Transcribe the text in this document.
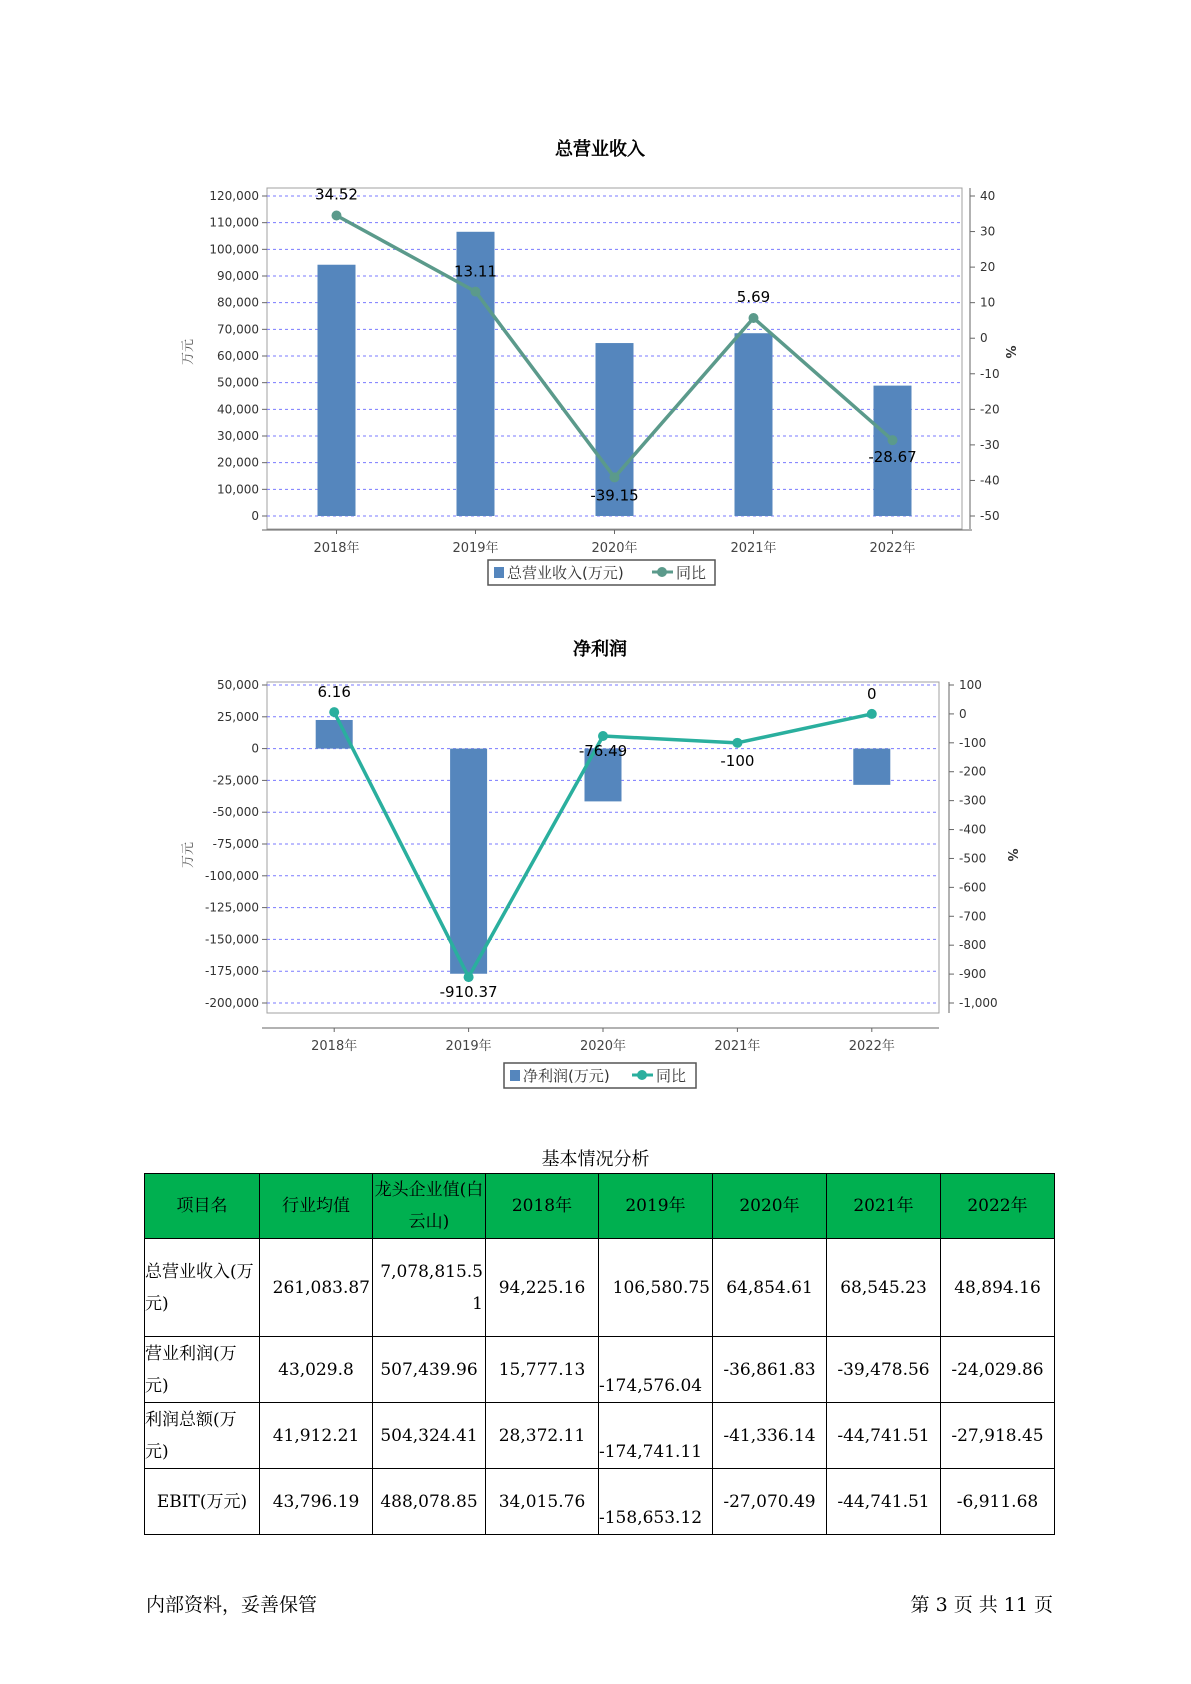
总营业收入
万元	%
0
10,000
20,000
30,000
40,000
50,000
60,000
70,000
80,000
90,000
100,000
110,000
120,000
-50
-40
-30
-20
-10
0
10
20
30
40
2018年	2019年	2020年	2021年	2022年
34.52
13.11
-39.15
5.69
-28.67
总营业收入(万元)	同比
净利润
万元	%
-200,000
-175,000
-150,000
-125,000
-100,000
-75,000
-50,000
-25,000
0
25,000
50,000
-1,000
-900
-800
-700
-600
-500
-400
-300
-200
-100
0
100
2018年	2019年	2020年	2021年	2022年
6.16
-910.37
-76.49
-100
0
净利润(万元)	同比
基本情况分析
项目名	行业均值	龙头企业值(白云山)	2018年	2019年	2020年	2021年	2022年
总营业收入(万元)	261,083.87	7,078,815.51	94,225.16	106,580.75	64,854.61	68,545.23	48,894.16
营业利润(万元)	43,029.8	507,439.96	15,777.13	-174,576.04	-36,861.83	-39,478.56	-24,029.86
利润总额(万元)	41,912.21	504,324.41	28,372.11	-174,741.11	-41,336.14	-44,741.51	-27,918.45
EBIT(万元)	43,796.19	488,078.85	34,015.76	-158,653.12	-27,070.49	-44,741.51	-6,911.68
内部资料，妥善保管	第 3 页 共 11 页
